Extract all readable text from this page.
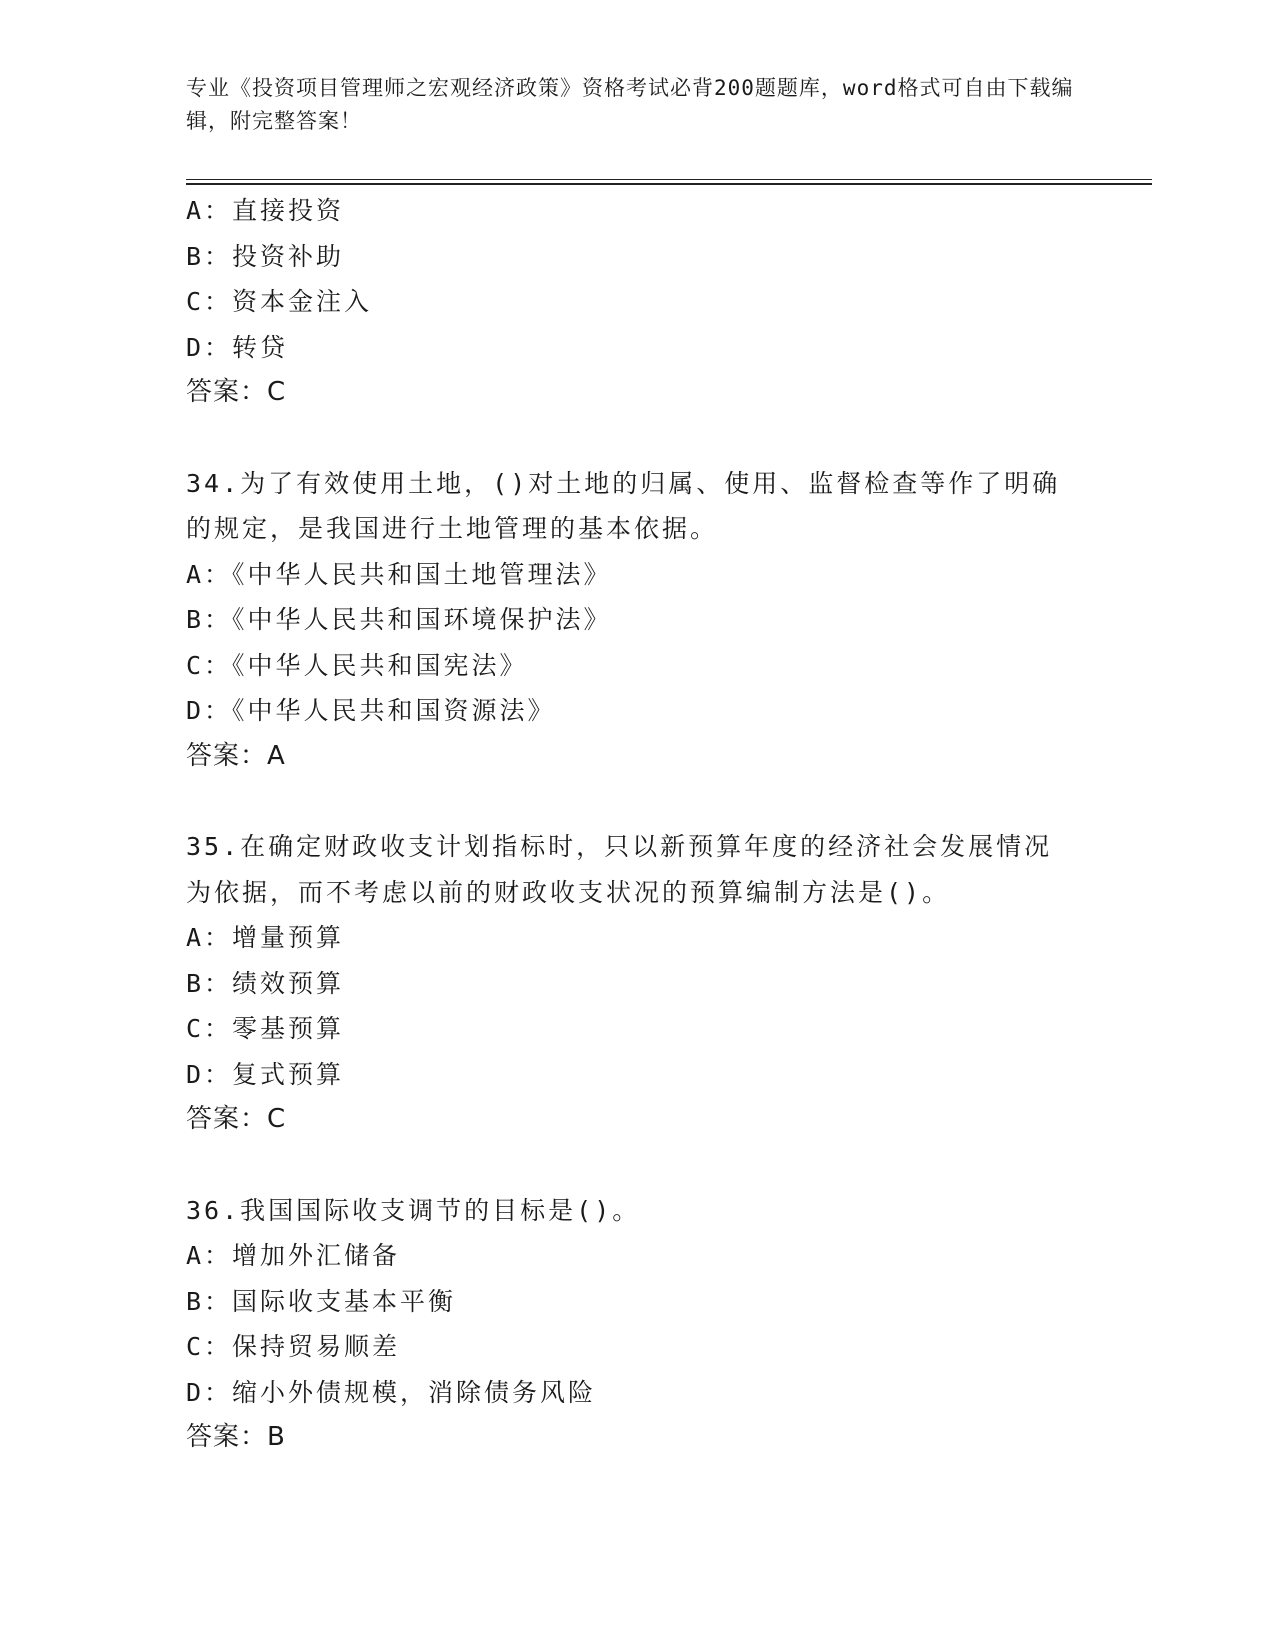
专业《投资项目管理师之宏观经济政策》资格考试必背200题题库，word格式可自由下载编辑，附完整答案！
A：直接投资
B：投资补助
C：资本金注入
D：转贷
答案：C
34.为了有效使用土地，()对土地的归属、使用、监督检查等作了明确的规定，是我国进行土地管理的基本依据。
A：《中华人民共和国土地管理法》
B：《中华人民共和国环境保护法》
C：《中华人民共和国宪法》
D：《中华人民共和国资源法》
答案：A
35.在确定财政收支计划指标时，只以新预算年度的经济社会发展情况为依据，而不考虑以前的财政收支状况的预算编制方法是()。
A：增量预算
B：绩效预算
C：零基预算
D：复式预算
答案：C
36.我国国际收支调节的目标是()。
A：增加外汇储备
B：国际收支基本平衡
C：保持贸易顺差
D：缩小外债规模，消除债务风险
答案：B
